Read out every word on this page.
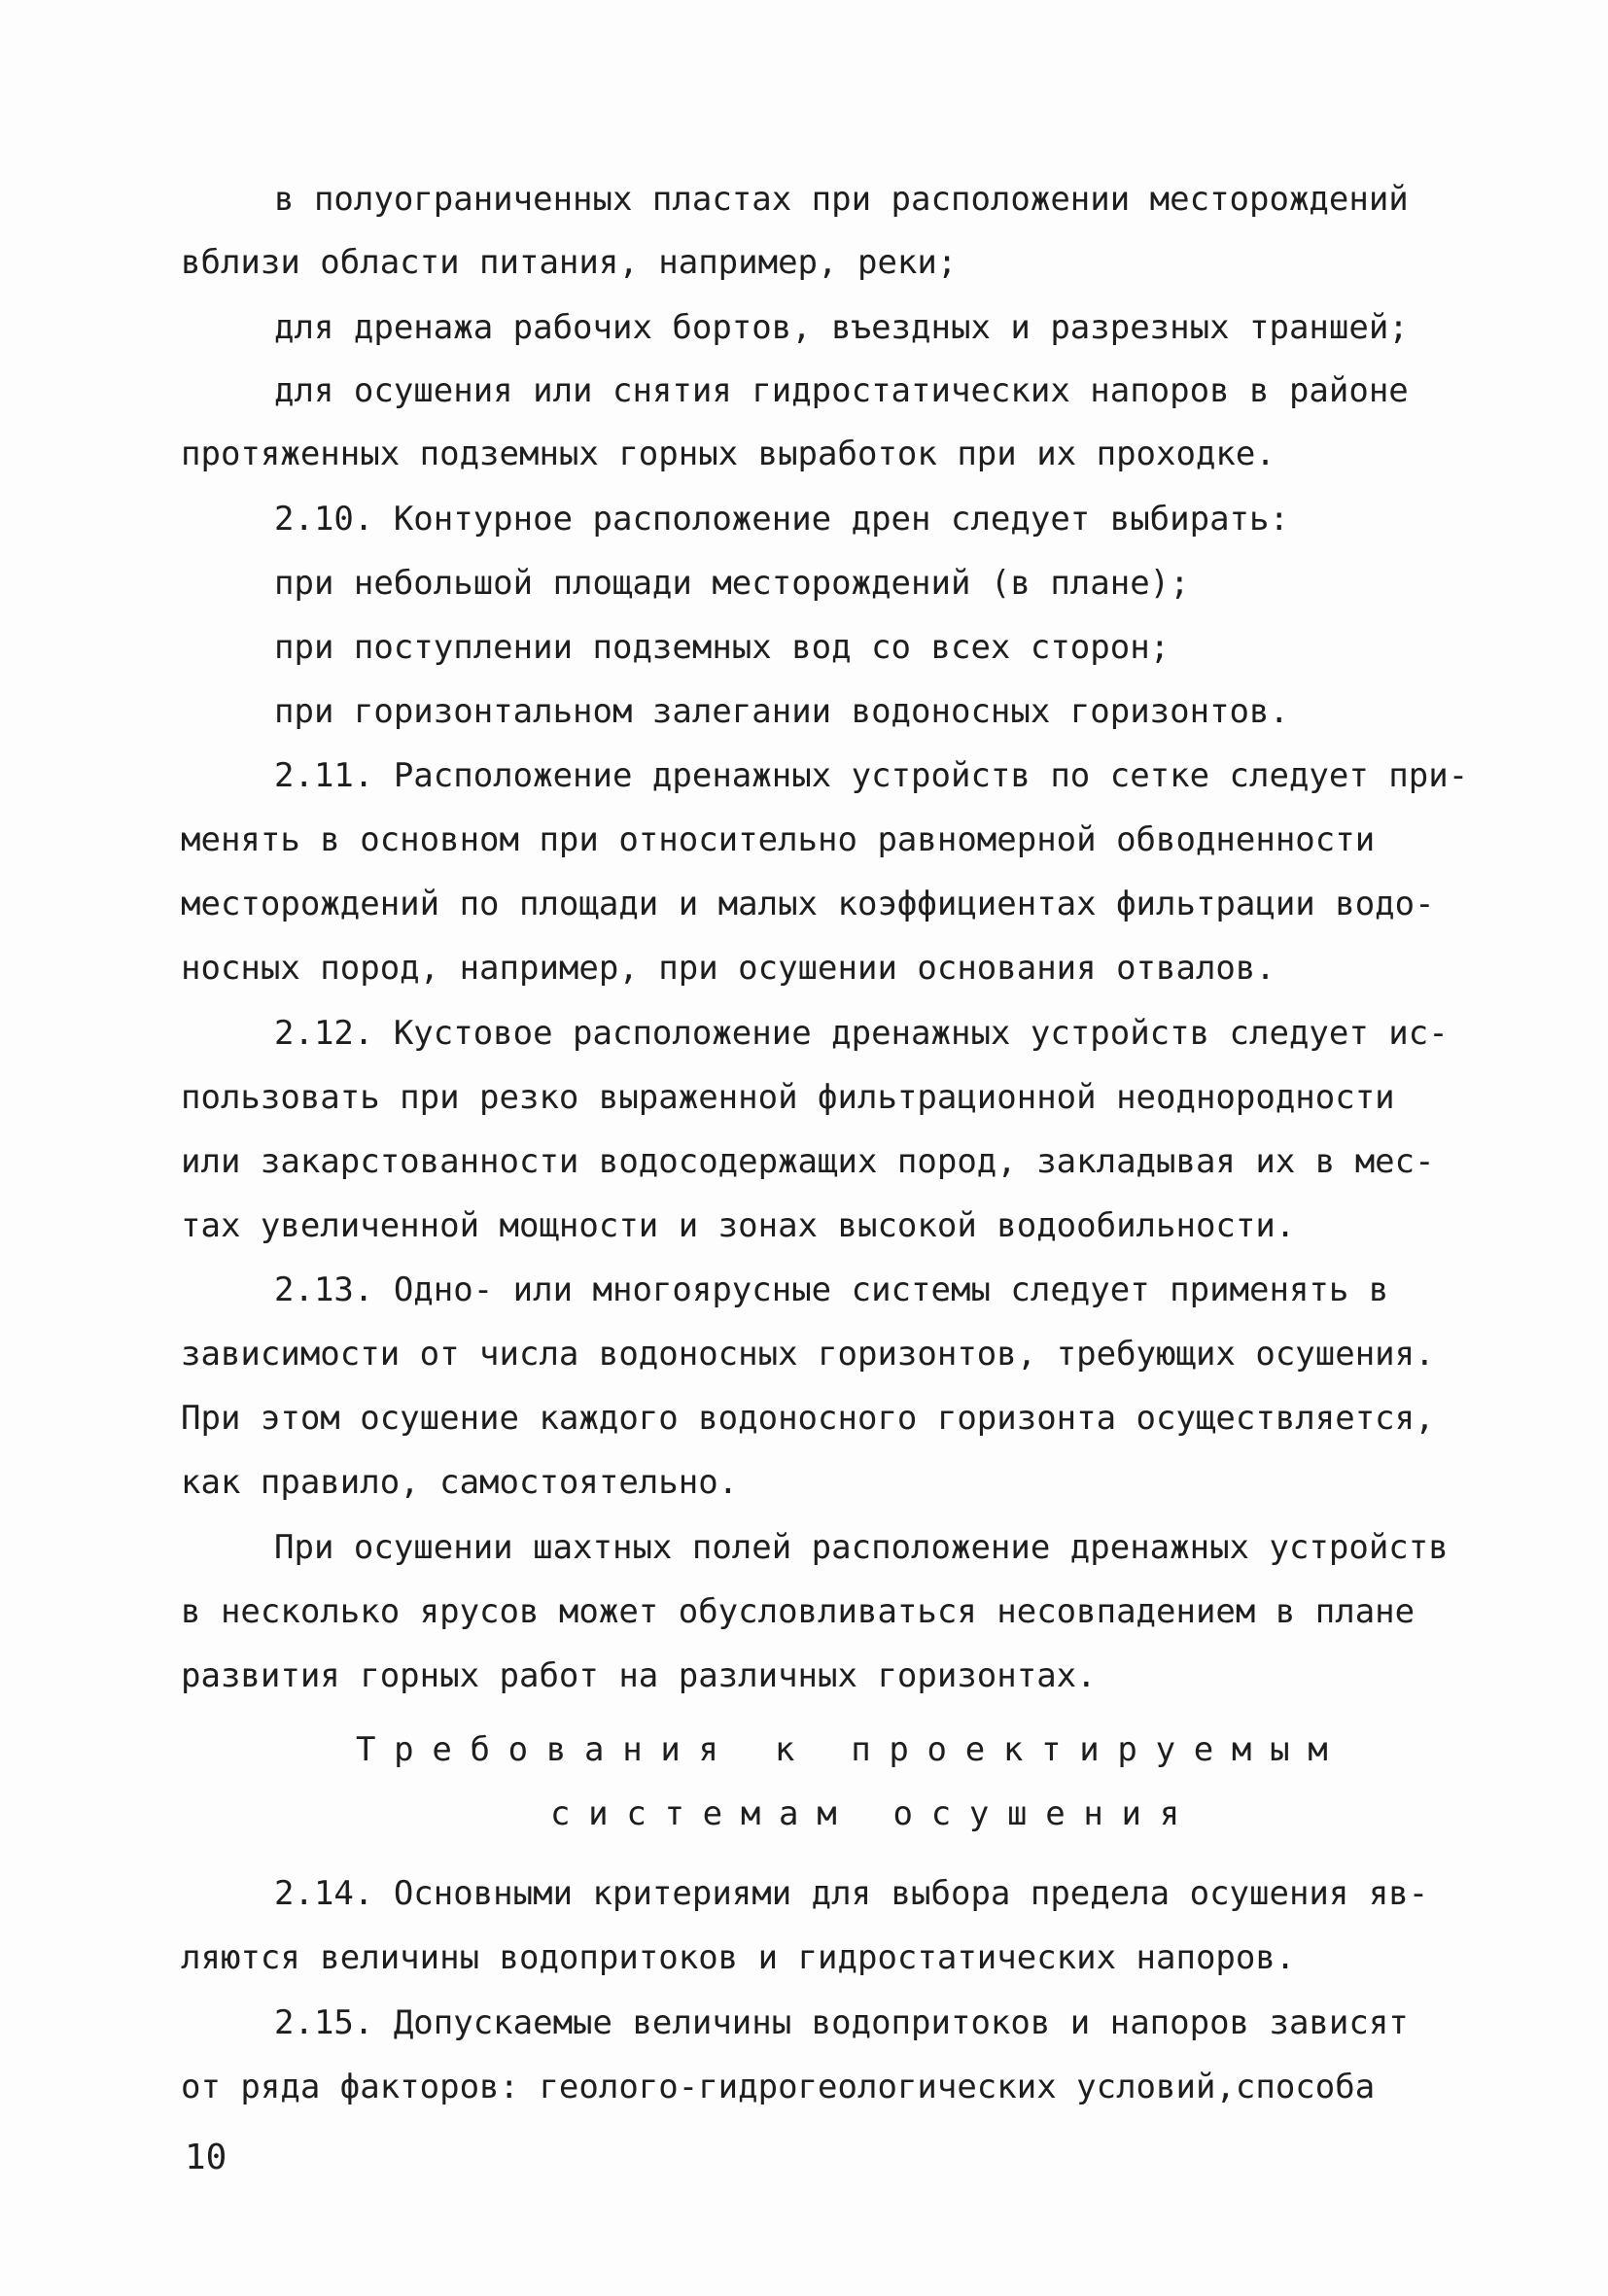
в полуограниченных пластах при расположении месторождений
вблизи области питания, например, реки;
для дренажа рабочих бортов, въездных и разрезных траншей;
для осушения или снятия гидростатических напоров в районе
протяженных подземных горных выработок при их проходке.
2.10. Контурное расположение дрен следует выбирать:
при небольшой площади месторождений (в плане);
при поступлении подземных вод со всех сторон;
при горизонтальном залегании водоносных горизонтов.
2.11. Расположение дренажных устройств по сетке следует при-
менять в основном при относительно равномерной обводненности
месторождений по площади и малых коэффициентах фильтрации водо-
носных пород, например, при осушении основания отвалов.
2.12. Кустовое расположение дренажных устройств следует ис-
пользовать при резко выраженной фильтрационной неоднородности
или закарстованности водосодержащих пород, закладывая их в мес-
тах увеличенной мощности и зонах высокой водообильности.
2.13. Одно- или многоярусные системы следует применять в
зависимости от числа водоносных горизонтов, требующих осушения.
При этом осушение каждого водоносного горизонта осуществляется,
как правило, самостоятельно.
При осушении шахтных полей расположение дренажных устройств
в несколько ярусов может обусловливаться несовпадением в плане
развития горных работ на различных горизонтах.
Требования к проектируемым
системам осушения
2.14. Основными критериями для выбора предела осушения яв-
ляются величины водопритоков и гидростатических напоров.
2.15. Допускаемые величины водопритоков и напоров зависят
от ряда факторов: геолого-гидрогеологических условий,способа
10
